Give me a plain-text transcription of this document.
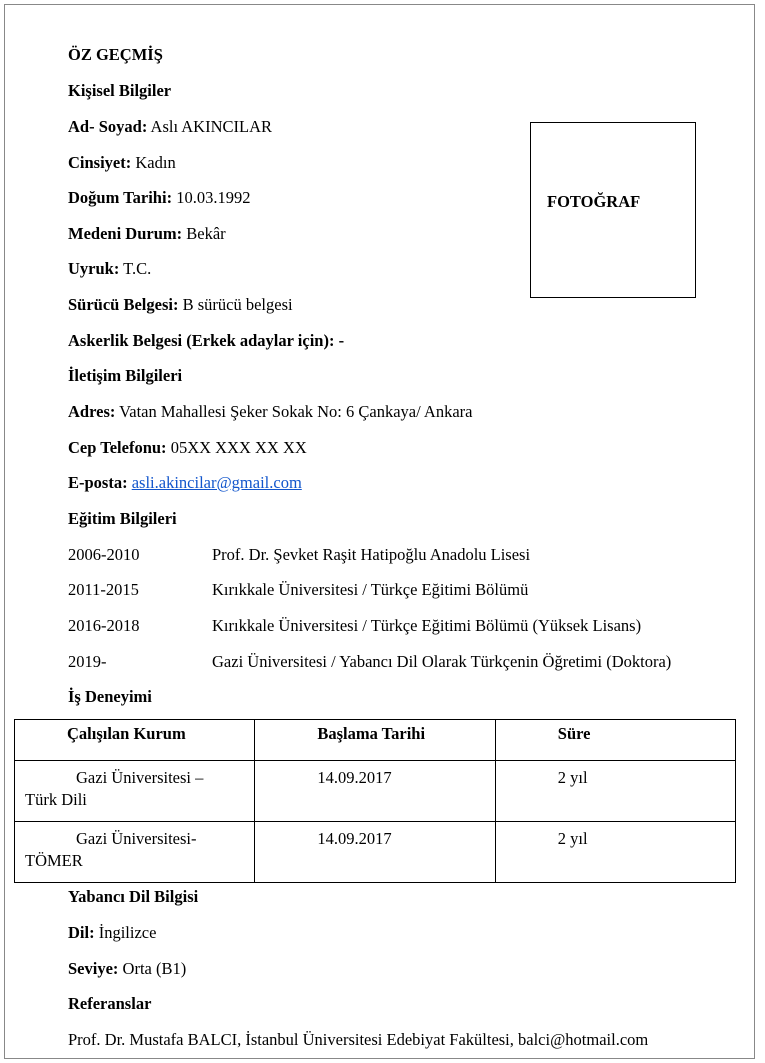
ÖZ GEÇMİŞ
Kişisel Bilgiler
Ad- Soyad: Aslı AKINCILAR
Cinsiyet: Kadın
Doğum Tarihi: 10.03.1992
Medeni Durum: Bekâr
Uyruk: T.C.
Sürücü Belgesi: B sürücü belgesi
Askerlik Belgesi (Erkek adaylar için): -
FOTOĞRAF
İletişim Bilgileri
Adres: Vatan Mahallesi Şeker Sokak No: 6 Çankaya/ Ankara
Cep Telefonu: 05XX XXX XX XX
E-posta: asli.akincilar@gmail.com
Eğitim Bilgileri
2006-2010	Prof. Dr. Şevket Raşit Hatipoğlu Anadolu Lisesi
2011-2015	Kırıkkale Üniversitesi / Türkçe Eğitimi Bölümü
2016-2018	Kırıkkale Üniversitesi / Türkçe Eğitimi Bölümü (Yüksek Lisans)
2019-	Gazi Üniversitesi / Yabancı Dil Olarak Türkçenin Öğretimi (Doktora)
İş Deneyimi
Çalışılan Kurum	Başlama Tarihi	Süre

Gazi Üniversitesi –
Türk Dili	14.09.2017	2 yıl

Gazi Üniversitesi-
TÖMER	14.09.2017	2 yıl
Yabancı Dil Bilgisi
Dil: İngilizce
Seviye: Orta (B1)
Referanslar
Prof. Dr. Mustafa BALCI, İstanbul Üniversitesi Edebiyat Fakültesi, balci@hotmail.com
